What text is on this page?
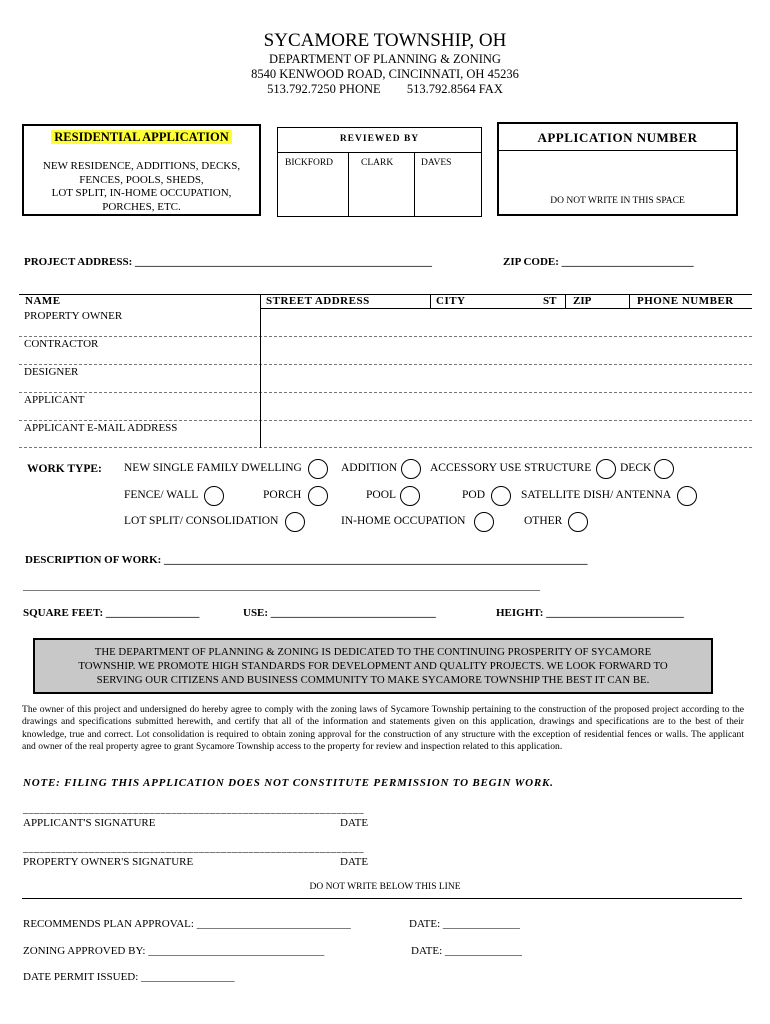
SYCAMORE TOWNSHIP, OH
DEPARTMENT OF PLANNING & ZONING
8540 KENWOOD ROAD, CINCINNATI, OH 45236
513.792.7250 PHONE 513.792.8564 FAX
RESIDENTIAL APPLICATION
NEW RESIDENCE, ADDITIONS, DECKS,
FENCES, POOLS, SHEDS,
LOT SPLIT, IN-HOME OCCUPATION,
PORCHES, ETC.
REVIEWED BY
BICKFORD	CLARK	DAVES
APPLICATION NUMBER
DO NOT WRITE IN THIS SPACE
PROJECT ADDRESS: ______________________________________________________	ZIP CODE: ________________________
NAME	STREET ADDRESS	CITY	ST ZIP	PHONE NUMBER
PROPERTY OWNER
CONTRACTOR
DESIGNER
APPLICANT
APPLICANT E-MAIL ADDRESS
WORK TYPE: NEW SINGLE FAMILY DWELLING	ADDITION	ACCESSORY USE STRUCTURE	DECK
FENCE/ WALL	PORCH	POOL	POD	SATELLITE DISH/ ANTENNA
LOT SPLIT/ CONSOLIDATION	IN-HOME OCCUPATION	OTHER
DESCRIPTION OF WORK: _____________________________________________________________________________
______________________________________________________________________________________________
SQUARE FEET: _________________	USE: ______________________________	HEIGHT: _________________________
THE DEPARTMENT OF PLANNING & ZONING IS DEDICATED TO THE CONTINUING PROSPERITY OF SYCAMORE
TOWNSHIP. WE PROMOTE HIGH STANDARDS FOR DEVELOPMENT AND QUALITY PROJECTS. WE LOOK FORWARD TO
SERVING OUR CITIZENS AND BUSINESS COMMUNITY TO MAKE SYCAMORE TOWNSHIP THE BEST IT CAN BE.
The owner of this project and undersigned do hereby agree to comply with the zoning laws of Sycamore Township pertaining to the construction of the proposed project according to the drawings and specifications submitted herewith, and certify that all of the information and statements given on this application, drawings and specifications are to the best of their knowledge, true and correct. Lot consolidation is required to obtain zoning approval for the construction of any structure with the exception of residential fences or walls. The applicant and owner of the real property agree to grant Sycamore Township access to the property for review and inspection related to this application.
NOTE: FILING THIS APPLICATION DOES NOT CONSTITUTE PERMISSION TO BEGIN WORK.
______________________________________________________________
APPLICANT'S SIGNATURE	DATE
______________________________________________________________
PROPERTY OWNER'S SIGNATURE	DATE
DO NOT WRITE BELOW THIS LINE
RECOMMENDS PLAN APPROVAL: ____________________________	DATE: ______________
ZONING APPROVED BY: ________________________________	DATE: ______________
DATE PERMIT ISSUED: _________________
